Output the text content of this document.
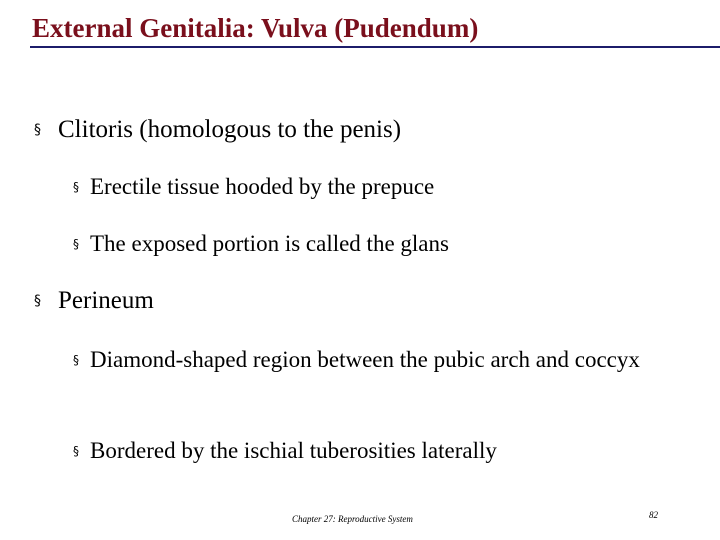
External Genitalia: Vulva (Pudendum)
§ Clitoris (homologous to the penis)
§ Erectile tissue hooded by the prepuce
§ The exposed portion is called the glans
§ Perineum
§ Diamond-shaped region between the pubic arch and coccyx
§ Bordered by the ischial tuberosities laterally
Chapter 27: Reproductive System	82
